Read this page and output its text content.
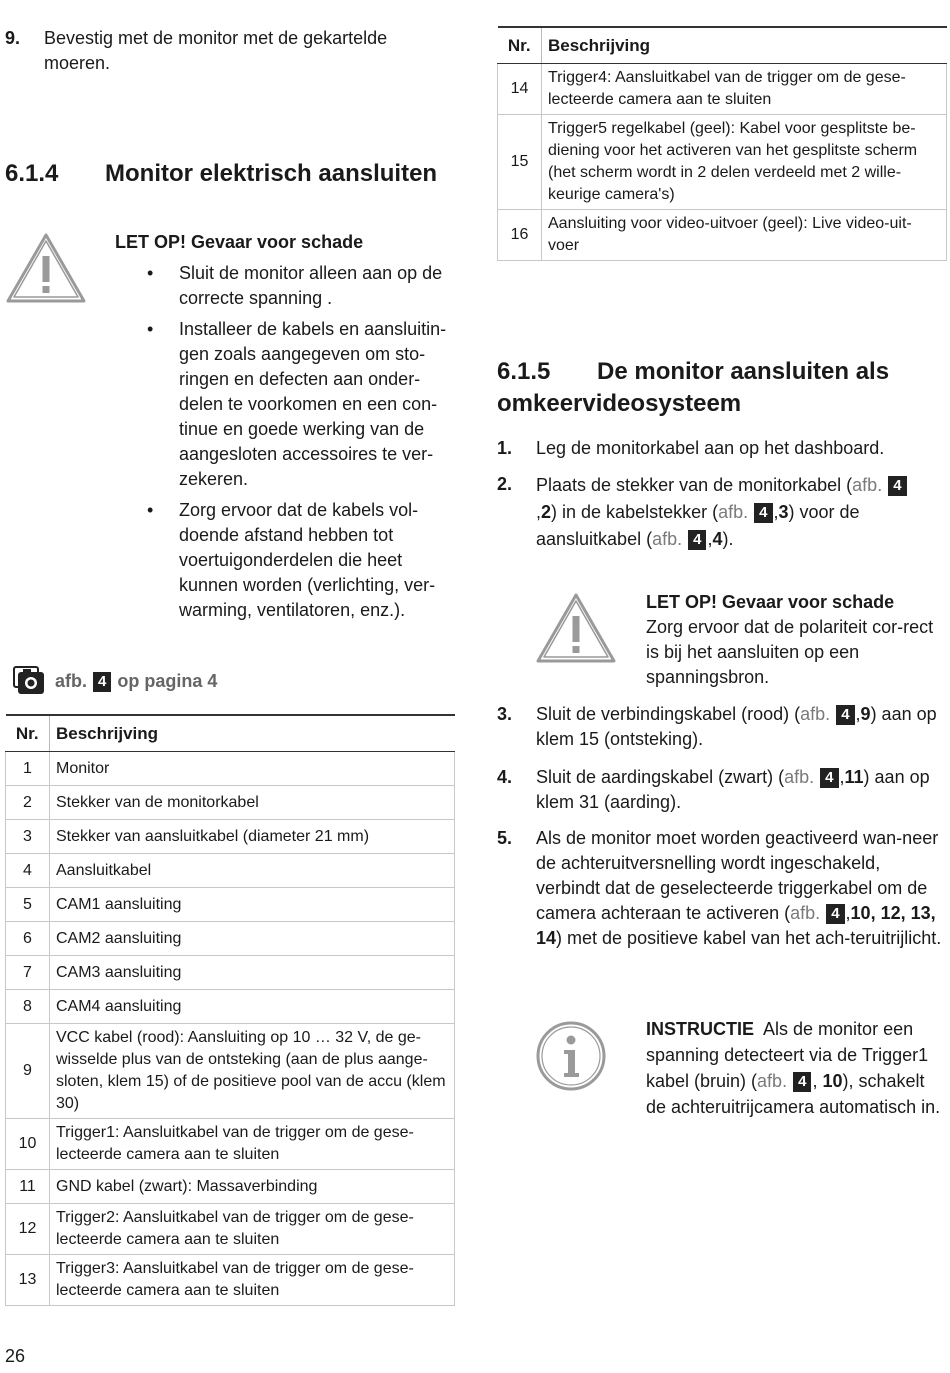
9. Bevestig met de monitor met de gekartelde moeren.
6.1.4 Monitor elektrisch aansluiten
LET OP! Gevaar voor schade
• Sluit de monitor alleen aan op de correcte spanning .
• Installeer de kabels en aansluitin-gen zoals aangegeven om sto-ringen en defecten aan onder-delen te voorkomen en een con-tinue en goede werking van de aangesloten accessoires te ver-zekeren.
• Zorg ervoor dat de kabels vol-doende afstand hebben tot voertuigonderdelen die heet kunnen worden (verlichting, ver-warming, ventilatoren, enz.).
afb. 4 op pagina 4
Nr.	Beschrijving
1	Monitor
2	Stekker van de monitorkabel
3	Stekker van aansluitkabel (diameter 21 mm)
4	Aansluitkabel
5	CAM1 aansluiting
6	CAM2 aansluiting
7	CAM3 aansluiting
8	CAM4 aansluiting
9	VCC kabel (rood): Aansluiting op 10 … 32 V, de ge-wisselde plus van de ontsteking (aan de plus aange-sloten, klem 15) of de positieve pool van de accu (klem 30)
10	Trigger1: Aansluitkabel van de trigger om de gese-lecteerde camera aan te sluiten
11	GND kabel (zwart): Massaverbinding
12	Trigger2: Aansluitkabel van de trigger om de gese-lecteerde camera aan te sluiten
13	Trigger3: Aansluitkabel van de trigger om de gese-lecteerde camera aan te sluiten
Nr.	Beschrijving
14	Trigger4: Aansluitkabel van de trigger om de gese-lecteerde camera aan te sluiten
15	Trigger5 regelkabel (geel): Kabel voor gesplitste be-diening voor het activeren van het gesplitste scherm (het scherm wordt in 2 delen verdeeld met 2 wille-keurige camera's)
16	Aansluiting voor video-uitvoer (geel): Live video-uit-voer
6.1.5 De monitor aansluiten als
omkeervideosysteem
1. Leg de monitorkabel aan op het dashboard.
2. Plaats de stekker van de monitorkabel (afb. 4,2) in de kabelstekker (afb. 4 ,3) voor de aansluitkabel (afb. 4 ,4).
LET OP! Gevaar voor schade
Zorg ervoor dat de polariteit cor-rect is bij het aansluiten op een spanningsbron.
3. Sluit de verbindingskabel (rood) (afb. 4 ,9) aan op klem 15 (ontsteking).
4. Sluit de aardingskabel (zwart) (afb. 4 ,11) aan op klem 31 (aarding).
5. Als de monitor moet worden geactiveerd wan-neer de achteruitversnelling wordt ingeschakeld, verbindt dat de geselecteerde triggerkabel om de camera achteraan te activeren (afb. 4 ,10, 12, 13, 14) met de positieve kabel van het ach-teruitrijlicht.
INSTRUCTIE Als de monitor een spanning detecteert via de Trigger1 kabel (bruin) (afb. 4 , 10), schakelt de achteruitrijcamera automatisch in.
26
